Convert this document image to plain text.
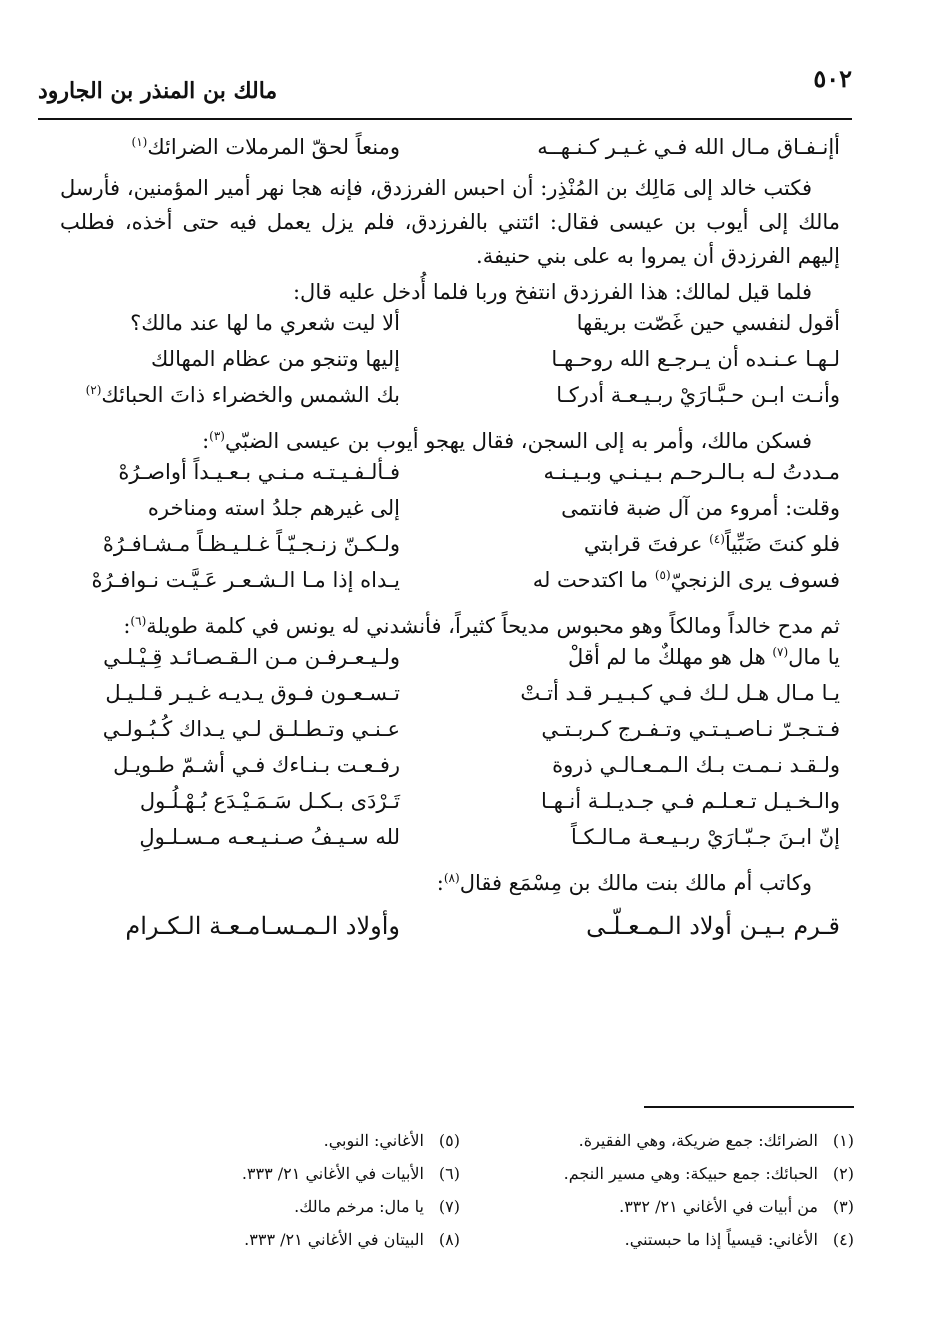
٥٠٢
مالك بن المنذر بن الجارود
أإنـفـاق مـال الله فـي غـيـر كـنـهــه
ومنعاً لحقّ المرملات الضرائك$^{(١)}$

فكتب خالد إلى مَالِك بن المُنْذِر: أن احبس الفرزدق، فإنه هجا نهر أمير المؤمنين، فأرسل مالك إلى أيوب بن عيسى فقال: ائتني بالفرزدق، فلم يزل يعمل فيه حتى أخذه، فطلب إليهم الفرزدق أن يمروا به على بني حنيفة.

فلما قيل لمالك: هذا الفرزدق انتفخ وربا فلما أُدخل عليه قال:

أقول لنفسي حين غَصّت بريقها
ألا ليت شعري ما لها عند مالك؟
لـهـا عـنـده أن يـرجـع الله روحـهـا
إليها وتنجو من عظام المهالك
وأنـت ابـن حـبَّـارَيْ ربـيـعـة أدركـا
بك الشمس والخضراء ذاتَ الحبائك$^{(٢)}$

فسكن مالك، وأمر به إلى السجن، فقال يهجو أيوب بن عيسى الضبّي$^{(٣)}$:

مـددتُ لـه بـالـرحـم بـيـنـي وبـيـنـه
فـألـفـيـتـه مـنـي بـعـيـداً أواصـرُهْ
وقلت: أمروء من آل ضبة فانتمى
إلى غيرهم جلدُ استه ومناخره
فلو كنتَ ضَبِّياً$^{(٤)}$ عرفتَ قرابتي
ولـكـنّ زنـجـيّـاً غـلـيـظـاً مـشـافـرُهْ
فسوف يرى الزنجيّ$^{(٥)}$ ما اكتدحت له
يـداه إذا مـا الـشـعـر عَـيَّـت نـوافـرُهْ

ثم مدح خالداً ومالكاً وهو محبوس مديحاً كثيراً، فأنشدني له يونس في كلمة طويلة$^{(٦)}$:

يا مال$^{(٧)}$ هل هو مهلكٌ ما لم أقلْ
ولـيـعـرفـن مـن الـقـصـائـد قِـيْـلـي
يـا مـال هـل لـك فـي كـبـيـر قـد أتـتْ
تـسـعـون فـوق يـديـه غـيـر قـلـيـل
فـتـجـرّ نـاصـيـتـي وتـفـرج كـربـتـي
عـنـي وتـطـلـق لـي يـداك كُـبُـولـي
ولـقـد نـمـت بـك الـمـعـالـي ذروة
رفـعـت بـنـاءك فـي أشـمّ طـويـل
والـخـيـل تـعـلـم فـي جـديـلـة أنـهـا
تَـرْدَى بـكـل سَـمَـيْـدَع بُـهْـلُـول
إنّ ابـنَ جـبّـارَيْ ربـيـعـة مـالـكـاً
لله سـيـفُ صـنـيـعـه مـسـلـولِ

وكاتب أم مالك بنت مالك بن مِسْمَع فقال$^{(٨)}$:

قـرم بـيـن أولاد الـمـعـلّـى
وأولاد الـمـسـامـعـة الـكـرام
(١)الضرائك: جمع ضريكة، وهي الفقيرة.
(٢)الحبائك: جمع حبيكة: وهي مسير النجم.
(٣)من أبيات في الأغاني ٢١/ ٣٣٢.
(٤)الأغاني: قيسياً إذا ما حبستني.
(٥)الأغاني: النوبي.
(٦)الأبيات في الأغاني ٢١/ ٣٣٣.
(٧)يا مال: مرخم مالك.
(٨)البيتان في الأغاني ٢١/ ٣٣٣.
